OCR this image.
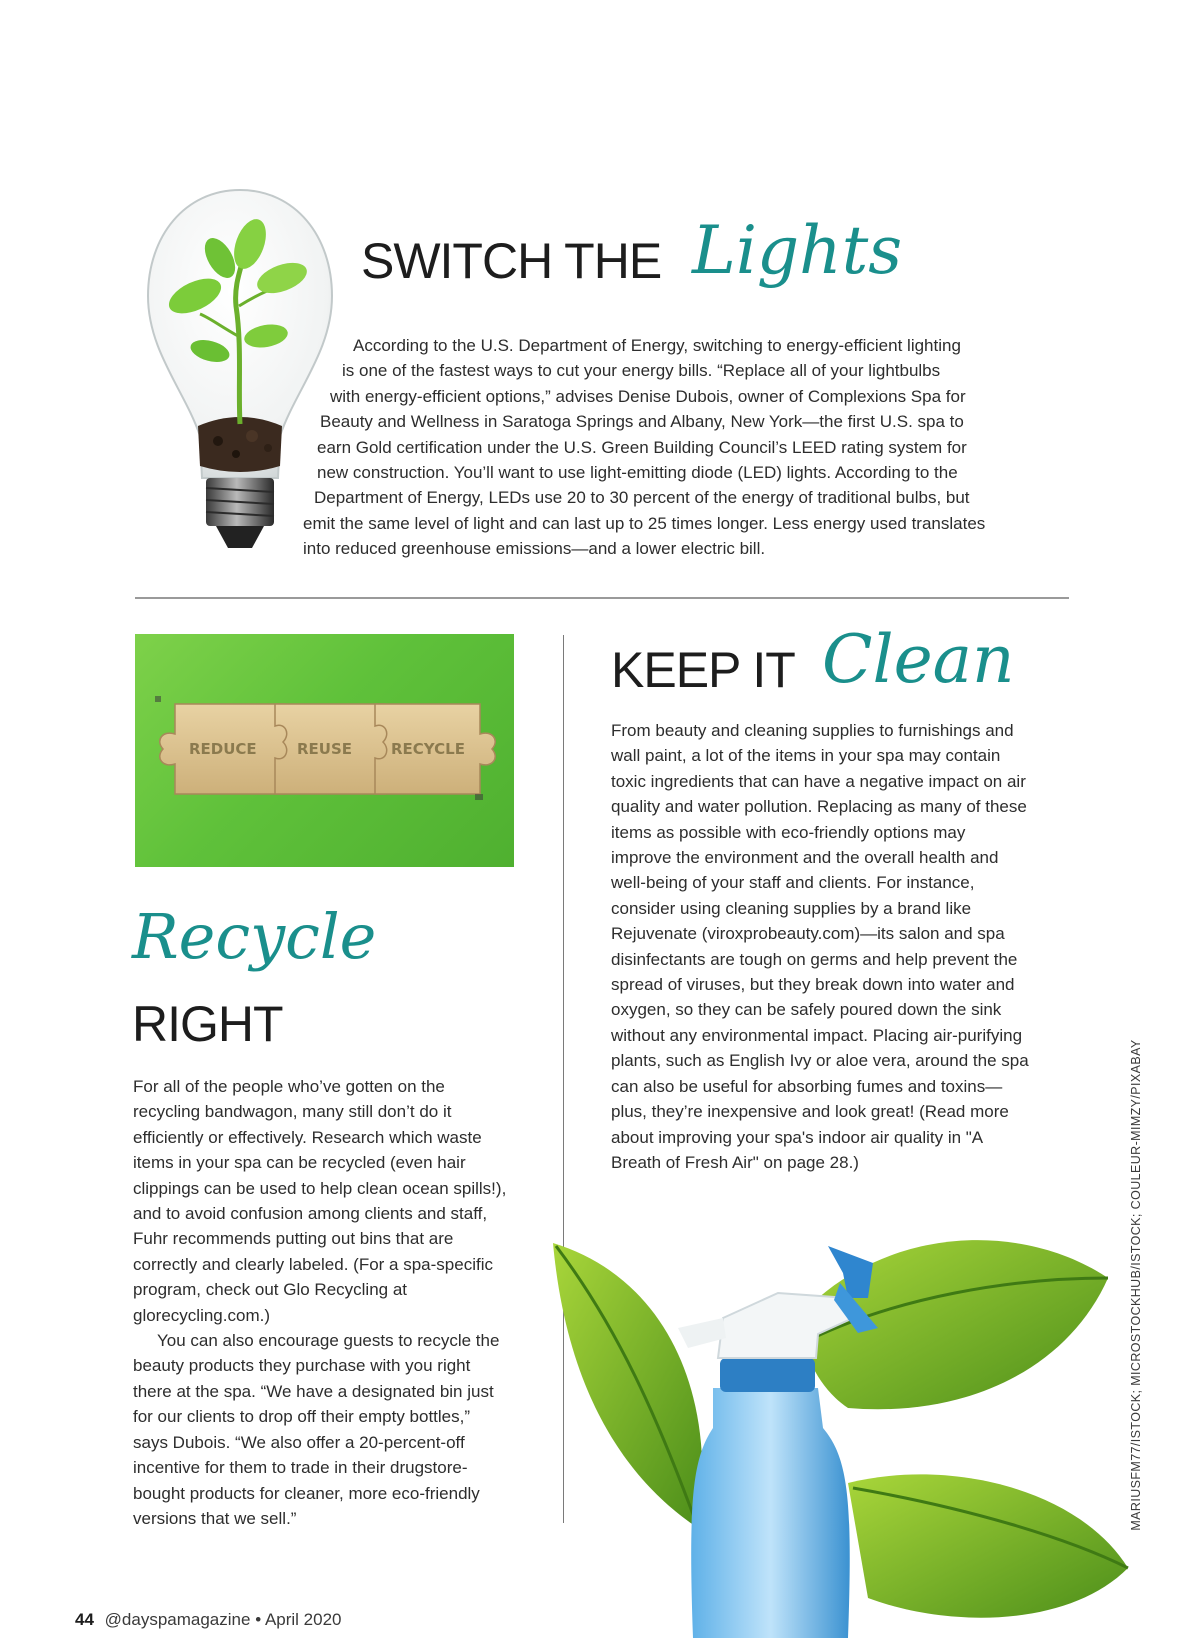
SWITCH THE Lights
According to the U.S. Department of Energy, switching to energy-efficient lighting
is one of the fastest ways to cut your energy bills. “Replace all of your lightbulbs
with energy-efficient options,” advises Denise Dubois, owner of Complexions Spa for
Beauty and Wellness in Saratoga Springs and Albany, New York—the first U.S. spa to
earn Gold certification under the U.S. Green Building Council’s LEED rating system for
new construction. You’ll want to use light-emitting diode (LED) lights. According to the
Department of Energy, LEDs use 20 to 30 percent of the energy of traditional bulbs, but
emit the same level of light and can last up to 25 times longer. Less energy used translates
into reduced greenhouse emissions—and a lower electric bill.
REDUCE	REUSE	RECYCLE
Recycle
RIGHT

For all of the people who’ve gotten on the recycling bandwagon, many still don’t do it efficiently or effectively. Research which waste items in your spa can be recycled (even hair clippings can be used to help clean ocean spills!), and to avoid confusion among clients and staff, Fuhr recommends putting out bins that are correctly and clearly labeled. (For a spa-specific program, check out Glo Recycling at glorecycling.com.)

You can also encourage guests to recycle the beauty products they purchase with you right there at the spa. “We have a designated bin just for our clients to drop off their empty bottles,” says Dubois. “We also offer a 20-percent-off incentive for them to trade in their drugstore-bought products for cleaner, more eco-friendly versions that we sell.”

KEEP IT Clean

From beauty and cleaning supplies to furnishings and wall paint, a lot of the items in your spa may contain toxic ingredients that can have a negative impact on air quality and water pollution. Replacing as many of these items as possible with eco-friendly options may improve the environment and the overall health and well-being of your staff and clients. For instance, consider using cleaning supplies by a brand like Rejuvenate (viroxprobeauty.com)—its salon and spa disinfectants are tough on germs and help prevent the spread of viruses, but they break down into water and oxygen, so they can be safely poured down the sink without any environmental impact. Placing air-purifying plants, such as English Ivy or aloe vera, around the spa can also be useful for absorbing fumes and toxins—plus, they’re inexpensive and look great! (Read more about improving your spa's indoor air quality in "A Breath of Fresh Air" on page 28.)	MARIUSFM77/ISTOCK; MICROSTOCKHUB/ISTOCK; COULEUR-MIMZY/PIXABAY
44 @dayspamagazine • April 2020
